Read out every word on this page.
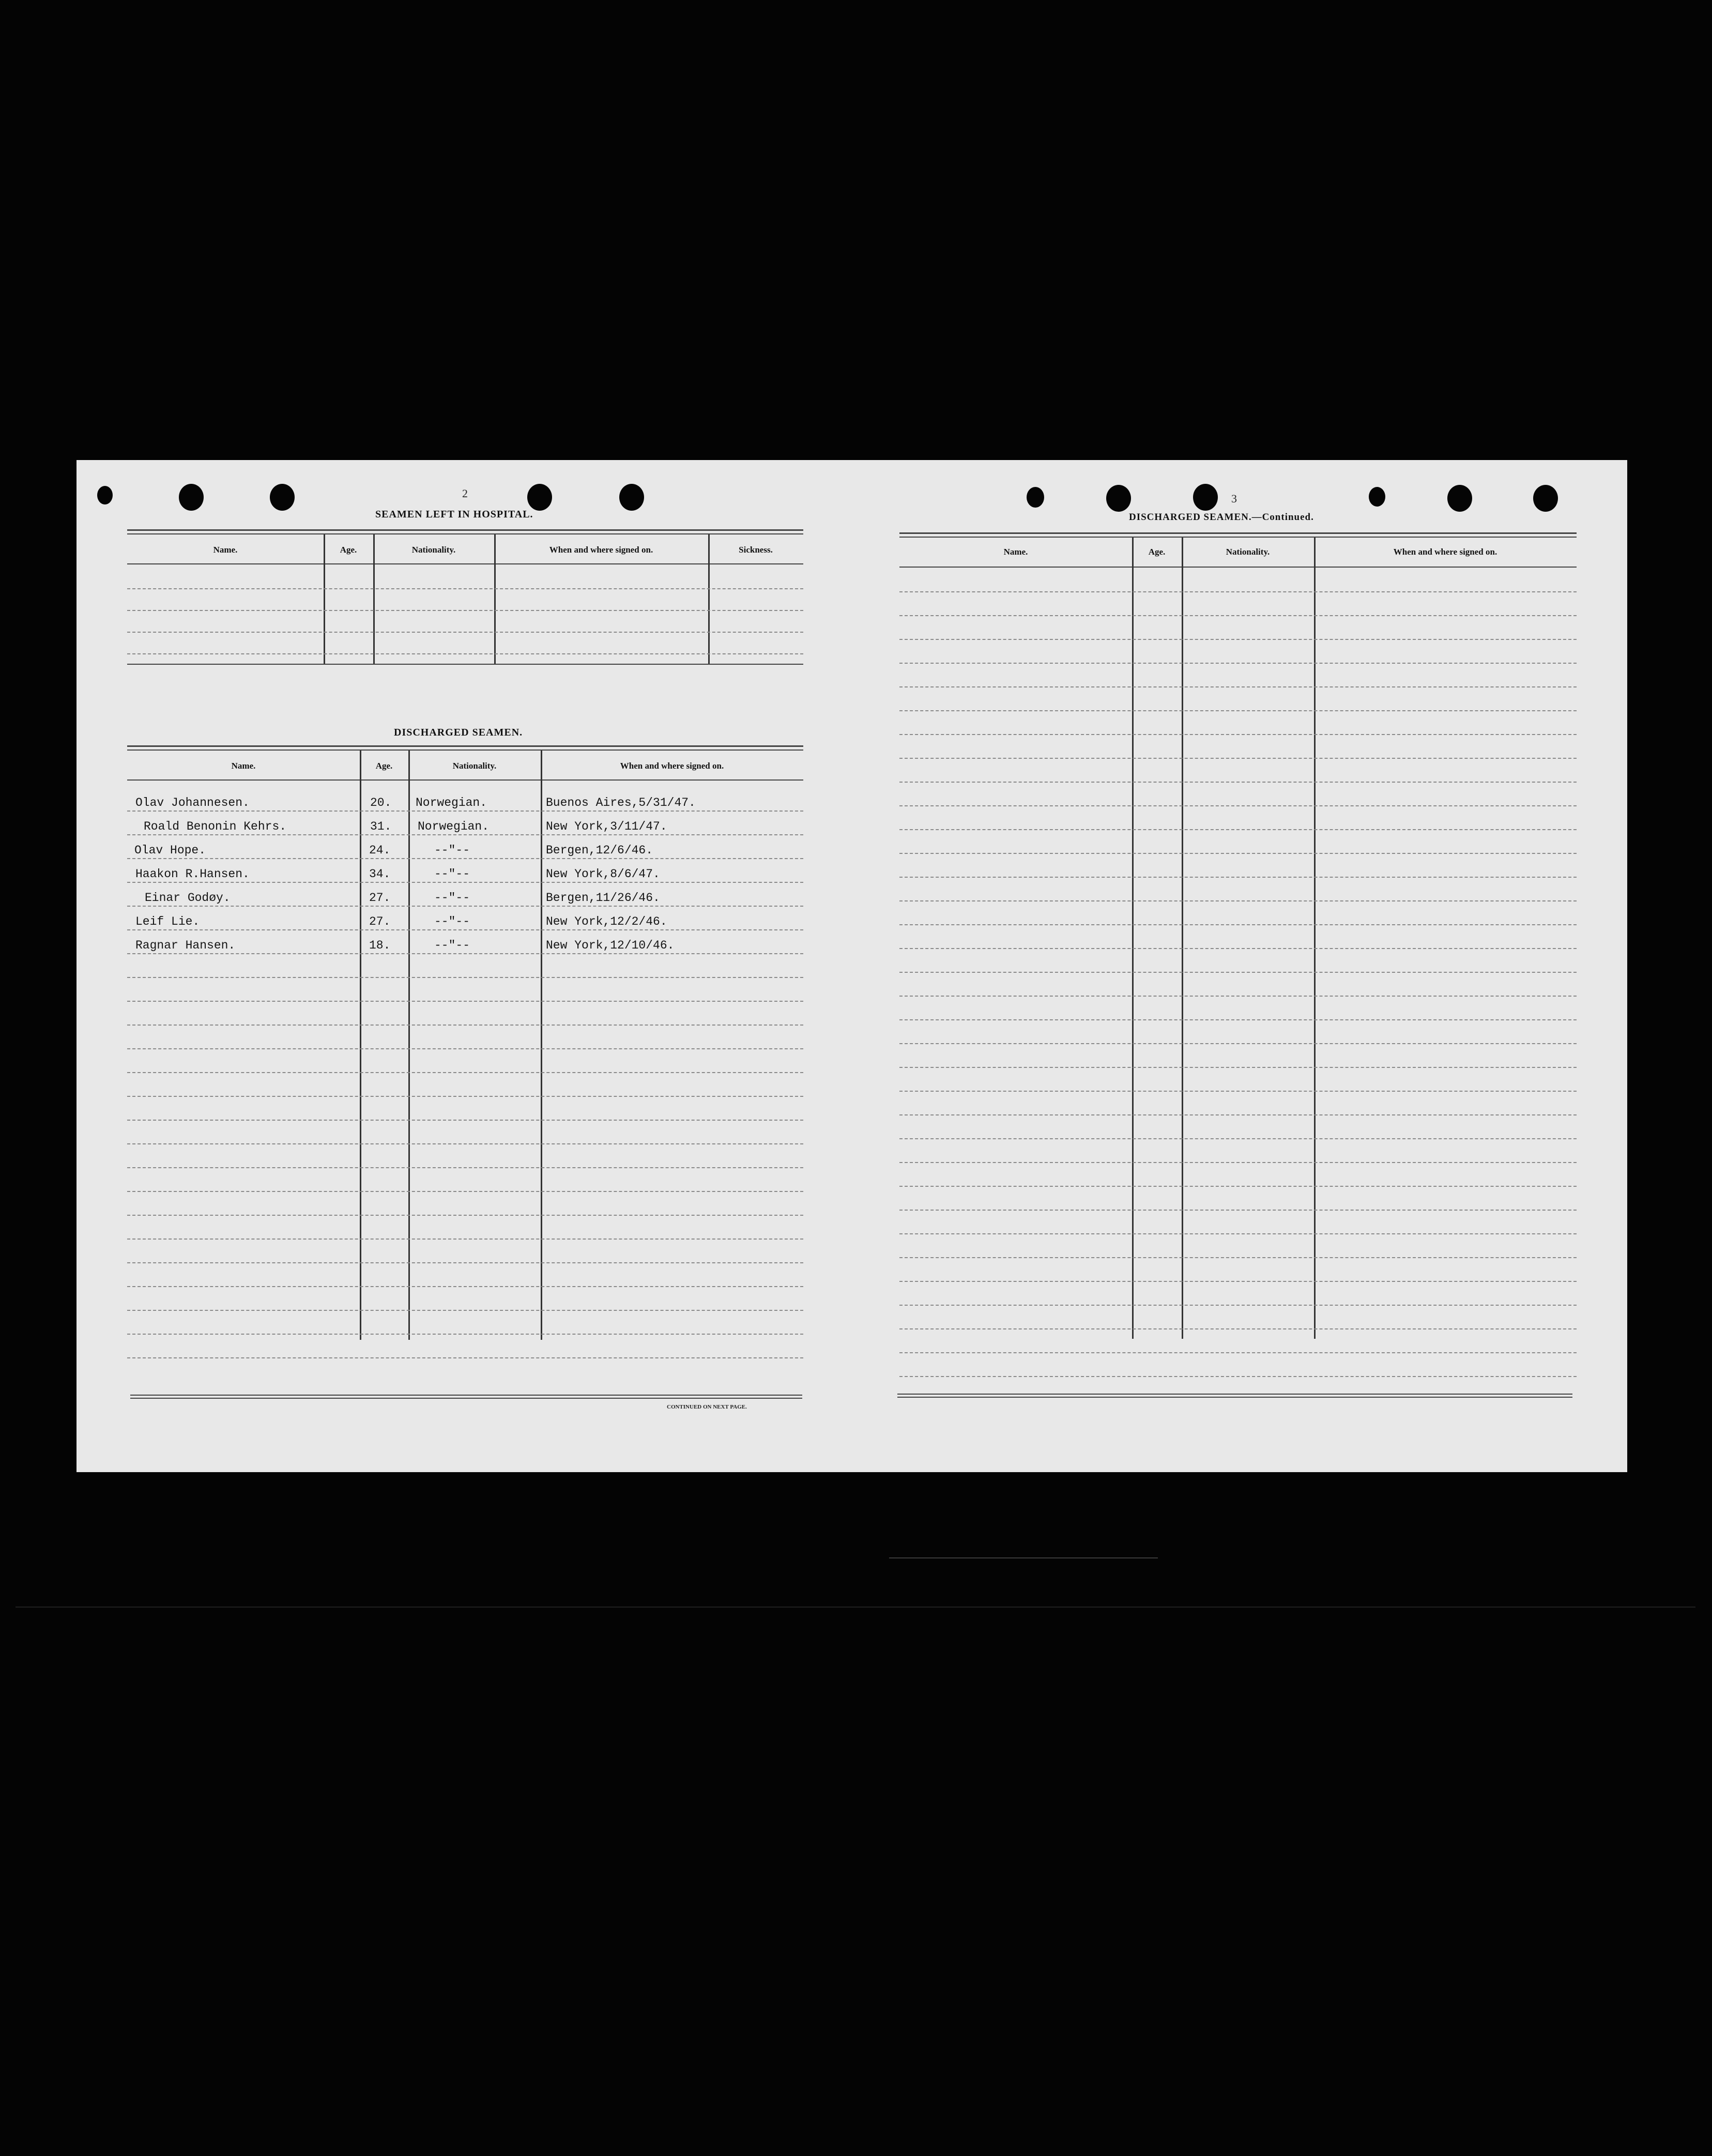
2
SEAMEN LEFT IN HOSPITAL.
Name.	Age.	Nationality.	When and where signed on.	Sickness.
DISCHARGED SEAMEN.
Name.	Age.	Nationality.	When and where signed on.
Olav Johannesen.	20. Norwegian.	Buenos Aires,5/31/47.
Roald Benonin Kehrs.	31. Norwegian.	New York,3/11/47.
Olav Hope.	24.	--"--	Bergen,12/6/46.
Haakon R.Hansen.	34.	--"--	New York,8/6/47.
Einar Godøy.	27.	--"--	Bergen,11/26/46.
Leif Lie.	27.	--"--	New York,12/2/46.
Ragnar Hansen.	18.	--"--	New York,12/10/46.
CONTINUED ON NEXT PAGE.
3
DISCHARGED SEAMEN.—Continued.
Name.	Age.	Nationality.	When and where signed on.
